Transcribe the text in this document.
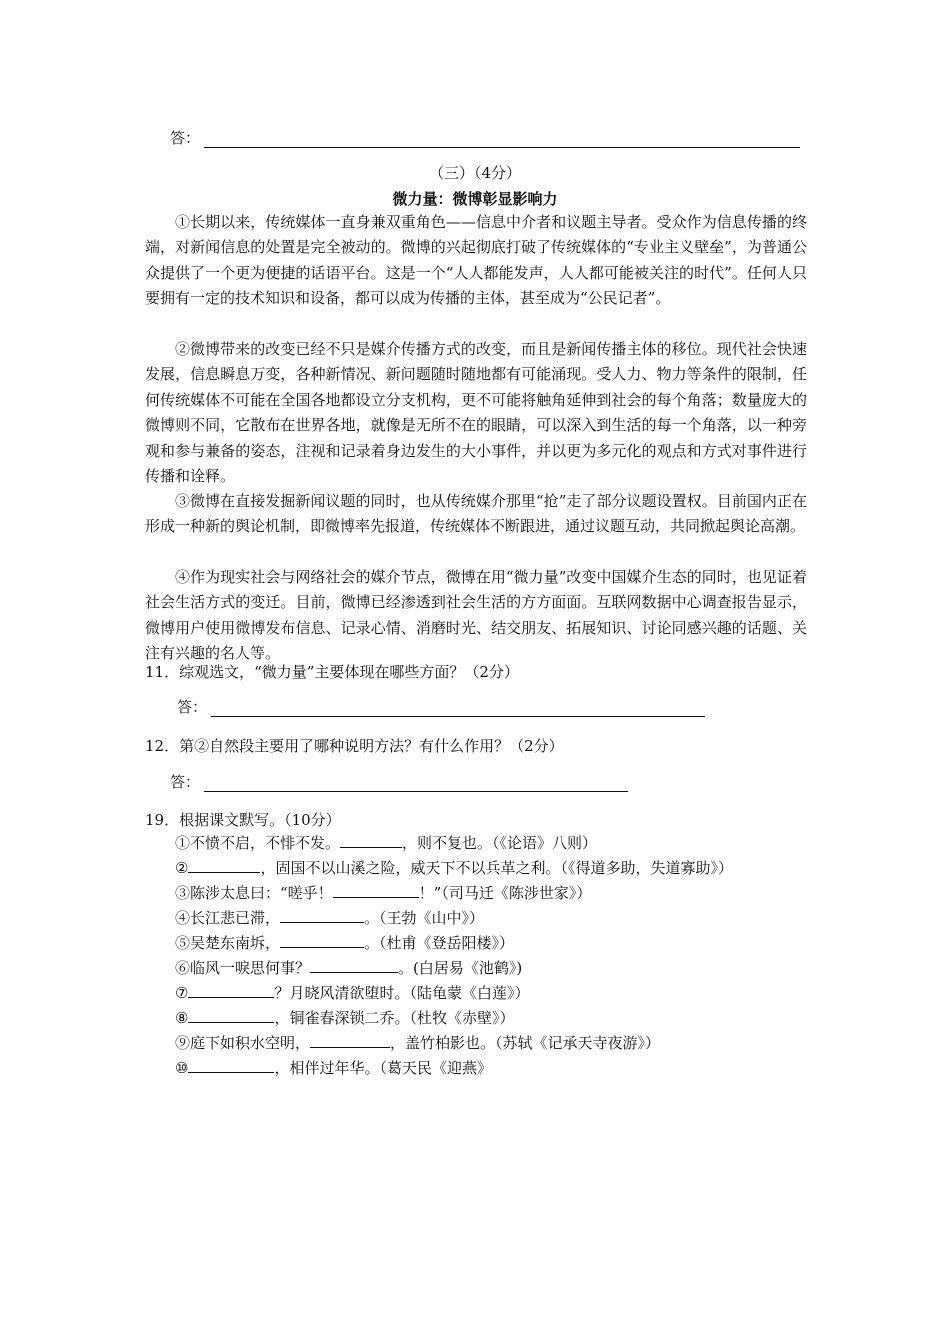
答：
（三）（4分）
微力量：微博彰显影响力

①长期以来，传统媒体一直身兼双重角色——信息中介者和议题主导者。受众作为信息传播的终端，对新闻信息的处置是完全被动的。微博的兴起彻底打破了传统媒体的“专业主义壁垒”，为普通公众提供了一个更为便捷的话语平台。这是一个“人人都能发声，人人都可能被关注的时代”。任何人只要拥有一定的技术知识和设备，都可以成为传播的主体，甚至成为“公民记者”。

②微博带来的改变已经不只是媒介传播方式的改变，而且是新闻传播主体的移位。现代社会快速发展，信息瞬息万变，各种新情况、新问题随时随地都有可能涌现。受人力、物力等条件的限制，任何传统媒体不可能在全国各地都设立分支机构，更不可能将触角延伸到社会的每个角落；数量庞大的微博则不同，它散布在世界各地，就像是无所不在的眼睛，可以深入到生活的每一个角落，以一种旁观和参与兼备的姿态，注视和记录着身边发生的大小事件，并以更为多元化的观点和方式对事件进行传播和诠释。

③微博在直接发掘新闻议题的同时，也从传统媒介那里“抢”走了部分议题设置权。目前国内正在形成一种新的舆论机制，即微博率先报道，传统媒体不断跟进，通过议题互动，共同掀起舆论高潮。

④作为现实社会与网络社会的媒介节点，微博在用“微力量”改变中国媒介生态的同时，也见证着社会生活方式的变迁。目前，微博已经渗透到社会生活的方方面面。互联网数据中心调查报告显示，微博用户使用微博发布信息、记录心情、消磨时光、结交朋友、拓展知识、讨论同感兴趣的话题、关注有兴趣的名人等。

11．综观选文，“微力量”主要体现在哪些方面？（2分）
答：
12．第②自然段主要用了哪种说明方法？有什么作用？（2分）
答：
19．根据课文默写。（10分）
①不愤不启，不悱不发。	，则不复也。（《论语》八则）
②	，固国不以山溪之险，威天下不以兵革之利。（《得道多助，失道寡助》）
③陈涉太息曰：“嗟乎！	！”（司马迁《陈涉世家》）
④长江悲已滞，	。（王勃《山中》）
⑤吴楚东南坼，	。（杜甫《登岳阳楼》）
⑥临风一唳思何事？	。(白居易《池鹤》)
⑦	？月晓风清欲堕时。（陆龟蒙《白莲》）
⑧	，铜雀春深锁二乔。（杜牧《赤壁》）
⑨庭下如积水空明，	，盖竹柏影也。（苏轼《记承天寺夜游》）
⑩	，相伴过年华。（葛天民《迎燕》
